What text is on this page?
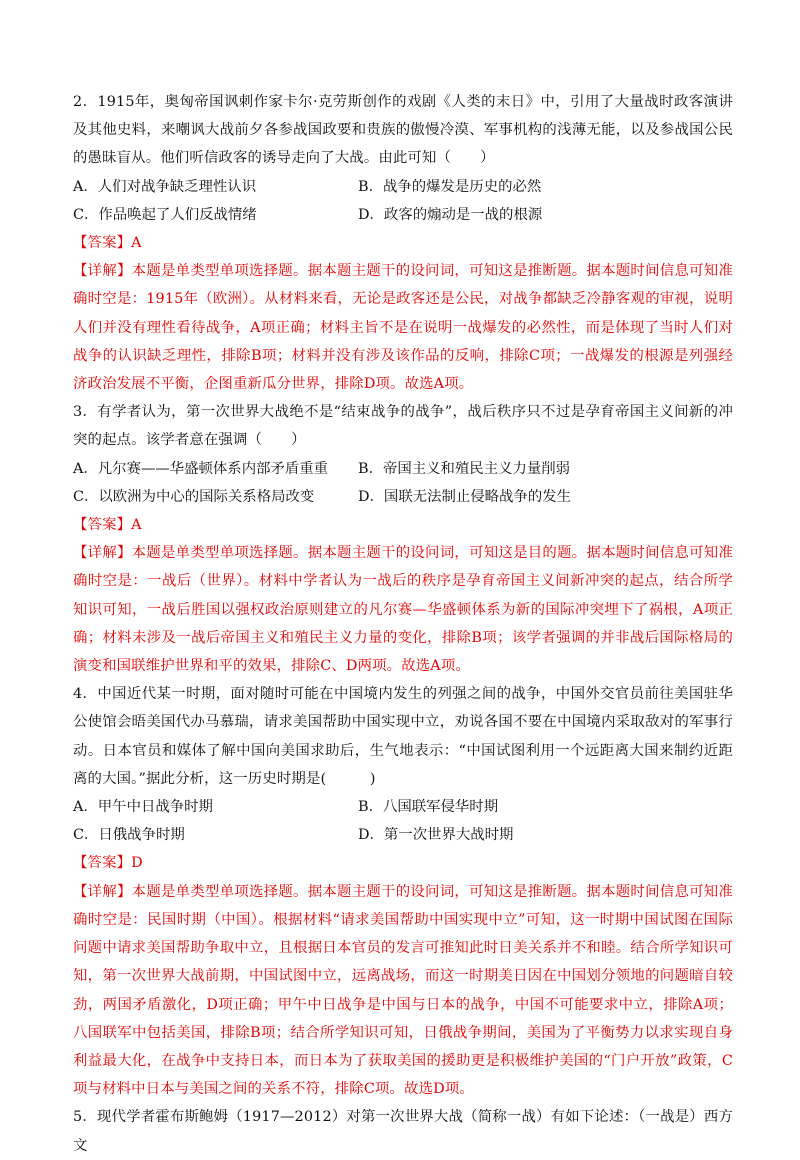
2．1915年，奥匈帝国讽刺作家卡尔·克劳斯创作的戏剧《人类的末日》中，引用了大量战时政客演讲及其他史料，来嘲讽大战前夕各参战国政要和贵族的傲慢冷漠、军事机构的浅薄无能，以及参战国公民的愚昧盲从。他们听信政客的诱导走向了大战。由此可知（　　）

A．人们对战争缺乏理性认识	B．战争的爆发是历史的必然
C．作品唤起了人们反战情绪	D．政客的煽动是一战的根源

【答案】A

【详解】本题是单类型单项选择题。据本题主题干的设问词，可知这是推断题。据本题时间信息可知准确时空是：1915年（欧洲）。从材料来看，无论是政客还是公民，对战争都缺乏冷静客观的审视，说明人们并没有理性看待战争，A项正确；材料主旨不是在说明一战爆发的必然性，而是体现了当时人们对战争的认识缺乏理性，排除B项；材料并没有涉及该作品的反响，排除C项；一战爆发的根源是列强经济政治发展不平衡，企图重新瓜分世界，排除D项。故选A项。

3．有学者认为，第一次世界大战绝不是“结束战争的战争”，战后秩序只不过是孕育帝国主义间新的冲突的起点。该学者意在强调（　　）

A．凡尔赛——华盛顿体系内部矛盾重重	B．帝国主义和殖民主义力量削弱
C．以欧洲为中心的国际关系格局改变	D．国联无法制止侵略战争的发生

【答案】A

【详解】本题是单类型单项选择题。据本题主题干的设问词，可知这是目的题。据本题时间信息可知准确时空是：一战后（世界）。材料中学者认为一战后的秩序是孕育帝国主义间新冲突的起点，结合所学知识可知，一战后胜国以强权政治原则建立的凡尔赛—华盛顿体系为新的国际冲突埋下了祸根，A项正确；材料未涉及一战后帝国主义和殖民主义力量的变化，排除B项；该学者强调的并非战后国际格局的演变和国联维护世界和平的效果，排除C、D两项。故选A项。

4．中国近代某一时期，面对随时可能在中国境内发生的列强之间的战争，中国外交官员前往美国驻华公使馆会晤美国代办马慕瑞，请求美国帮助中国实现中立，劝说各国不要在中国境内采取敌对的军事行动。日本官员和媒体了解中国向美国求助后，生气地表示：“中国试图利用一个远距离大国来制约近距离的大国。”据此分析，这一历史时期是(　　　)

A．甲午中日战争时期	B．八国联军侵华时期
C．日俄战争时期	D．第一次世界大战时期

【答案】D

【详解】本题是单类型单项选择题。据本题主题干的设问词，可知这是推断题。据本题时间信息可知准确时空是：民国时期（中国）。根据材料“请求美国帮助中国实现中立”可知，这一时期中国试图在国际问题中请求美国帮助争取中立，且根据日本官员的发言可推知此时日美关系并不和睦。结合所学知识可知，第一次世界大战前期，中国试图中立，远离战场，而这一时期美日因在中国划分领地的问题暗自较劲，两国矛盾激化，D项正确；甲午中日战争是中国与日本的战争，中国不可能要求中立，排除A项；八国联军中包括美国，排除B项；结合所学知识可知，日俄战争期间，美国为了平衡势力以求实现自身利益最大化，在战争中支持日本，而日本为了获取美国的援助更是积极维护美国的“门户开放”政策，C项与材料中日本与美国之间的关系不符，排除C项。故选D项。

5．现代学者霍布斯鲍姆（1917—2012）对第一次世界大战（简称一战）有如下论述：（一战是）西方文
